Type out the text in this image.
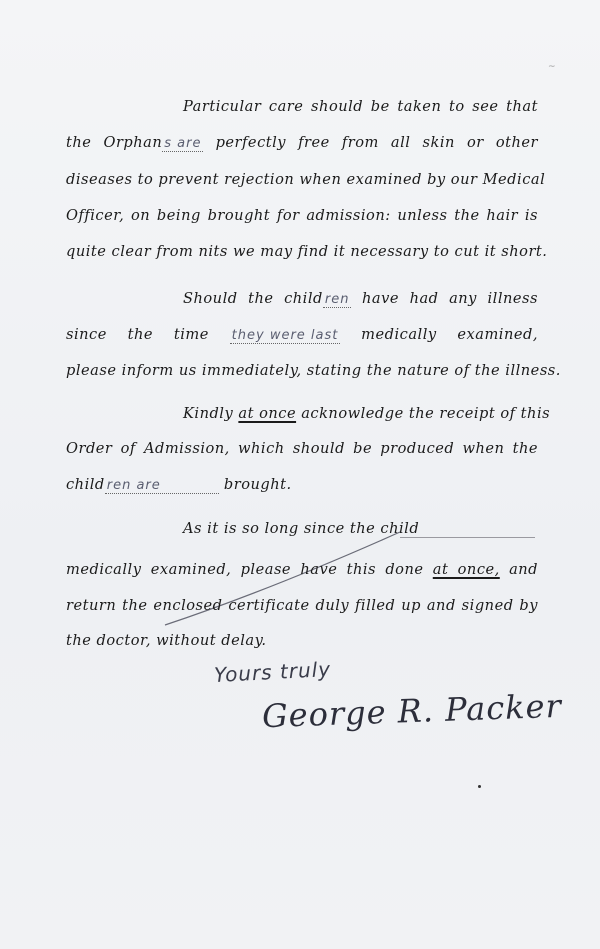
~
Particular care should be taken to see that
the Orphan s are perfectly free from all skin or other
diseases to prevent rejection when examined by our Medical
Officer, on being brought for admission: unless the hair is
quite clear from nits we may find it necessary to cut it short.
Should the child ren have had any illness
since the time they were last medically examined,
please inform us immediately, stating the nature of the illness.
Kindly at once acknowledge the receipt of this
Order of Admission, which should be produced when the
child ren are	brought.
As it is so long since the child
medically examined, please have this done at once, and
return the enclosed certificate duly filled up and signed by
the doctor, without delay.
Yours truly
George R. Packer
